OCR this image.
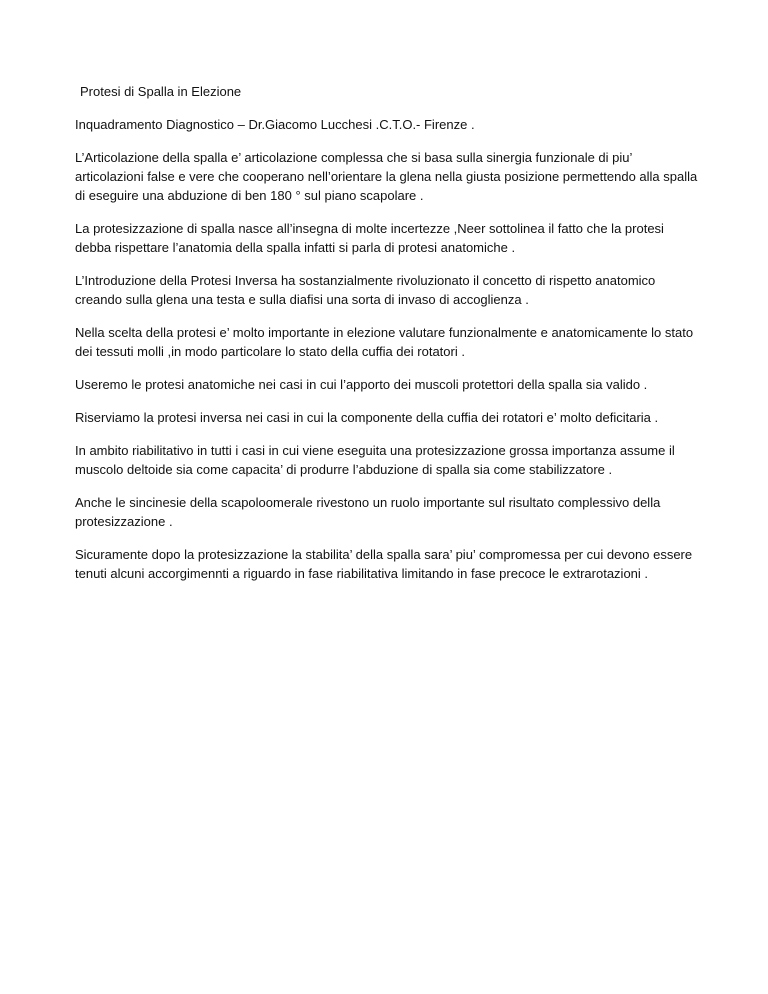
Protesi di Spalla in Elezione

Inquadramento Diagnostico – Dr.Giacomo Lucchesi .C.T.O.- Firenze .

L’Articolazione della spalla e’ articolazione complessa che si basa sulla sinergia funzionale di piu’ articolazioni false e vere che cooperano nell’orientare la glena nella giusta posizione permettendo alla spalla di eseguire una abduzione di ben 180 ° sul piano scapolare .

La protesizzazione di spalla nasce all’insegna di molte incertezze ,Neer sottolinea il fatto che la protesi debba rispettare l’anatomia della spalla infatti si parla di protesi anatomiche .

L’Introduzione della Protesi Inversa ha sostanzialmente rivoluzionato il concetto di rispetto anatomico creando sulla glena una testa e sulla diafisi una sorta di invaso di accoglienza .

Nella scelta della protesi e’ molto importante in elezione valutare funzionalmente e anatomicamente lo stato dei tessuti molli ,in modo particolare lo stato della cuffia dei rotatori .

Useremo le protesi anatomiche nei casi in cui l’apporto dei muscoli protettori della spalla sia valido .

Riserviamo la protesi inversa nei casi in cui la componente della cuffia dei rotatori e’ molto deficitaria .

In ambito riabilitativo in tutti i casi in cui viene eseguita una protesizzazione grossa importanza assume il muscolo deltoide sia come capacita’ di produrre l’abduzione di spalla sia come stabilizzatore .

Anche le sincinesie della scapoloomerale rivestono un ruolo importante sul risultato complessivo della protesizzazione .

Sicuramente dopo la protesizzazione la stabilita’ della spalla sara’ piu’ compromessa per cui devono essere tenuti alcuni accorgimennti a riguardo in fase riabilitativa limitando in fase precoce le extrarotazioni .
